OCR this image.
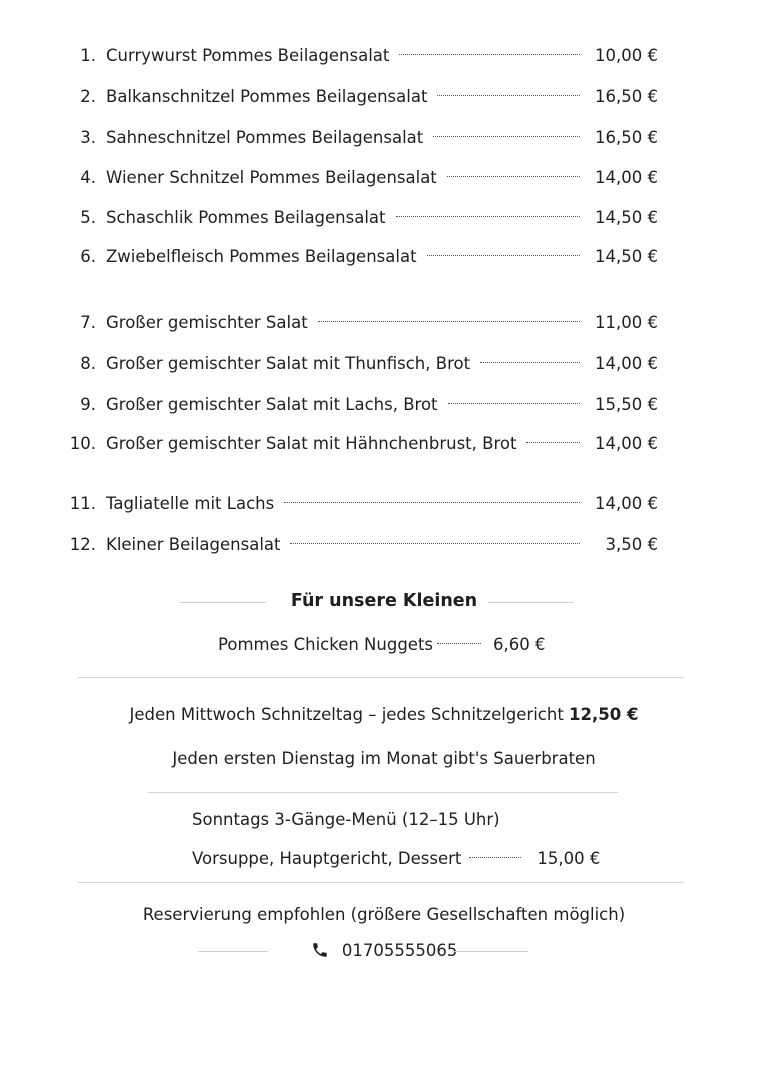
1. Currywurst Pommes Beilagensalat	10,00 €
2. Balkanschnitzel Pommes Beilagensalat	16,50 €
3. Sahneschnitzel Pommes Beilagensalat	16,50 €
4. Wiener Schnitzel Pommes Beilagensalat	14,00 €
5. Schaschlik Pommes Beilagensalat	14,50 €
6. Zwiebelfleisch Pommes Beilagensalat	14,50 €
7. Großer gemischter Salat	11,00 €
8. Großer gemischter Salat mit Thunfisch, Brot	14,00 €
9. Großer gemischter Salat mit Lachs, Brot	15,50 €
10. Großer gemischter Salat mit Hähnchenbrust, Brot	14,00 €
11. Tagliatelle mit Lachs	14,00 €
12. Kleiner Beilagensalat	3,50 €
Für unsere Kleinen
Pommes Chicken Nuggets	6,60 €
Jeden Mittwoch Schnitzeltag – jedes Schnitzelgericht 12,50 €
Jeden ersten Dienstag im Monat gibt's Sauerbraten
Sonntags 3-Gänge-Menü (12–15 Uhr)
Vorsuppe, Hauptgericht, Dessert	15,00 €
Reservierung empfohlen (größere Gesellschaften möglich)
01705555065
